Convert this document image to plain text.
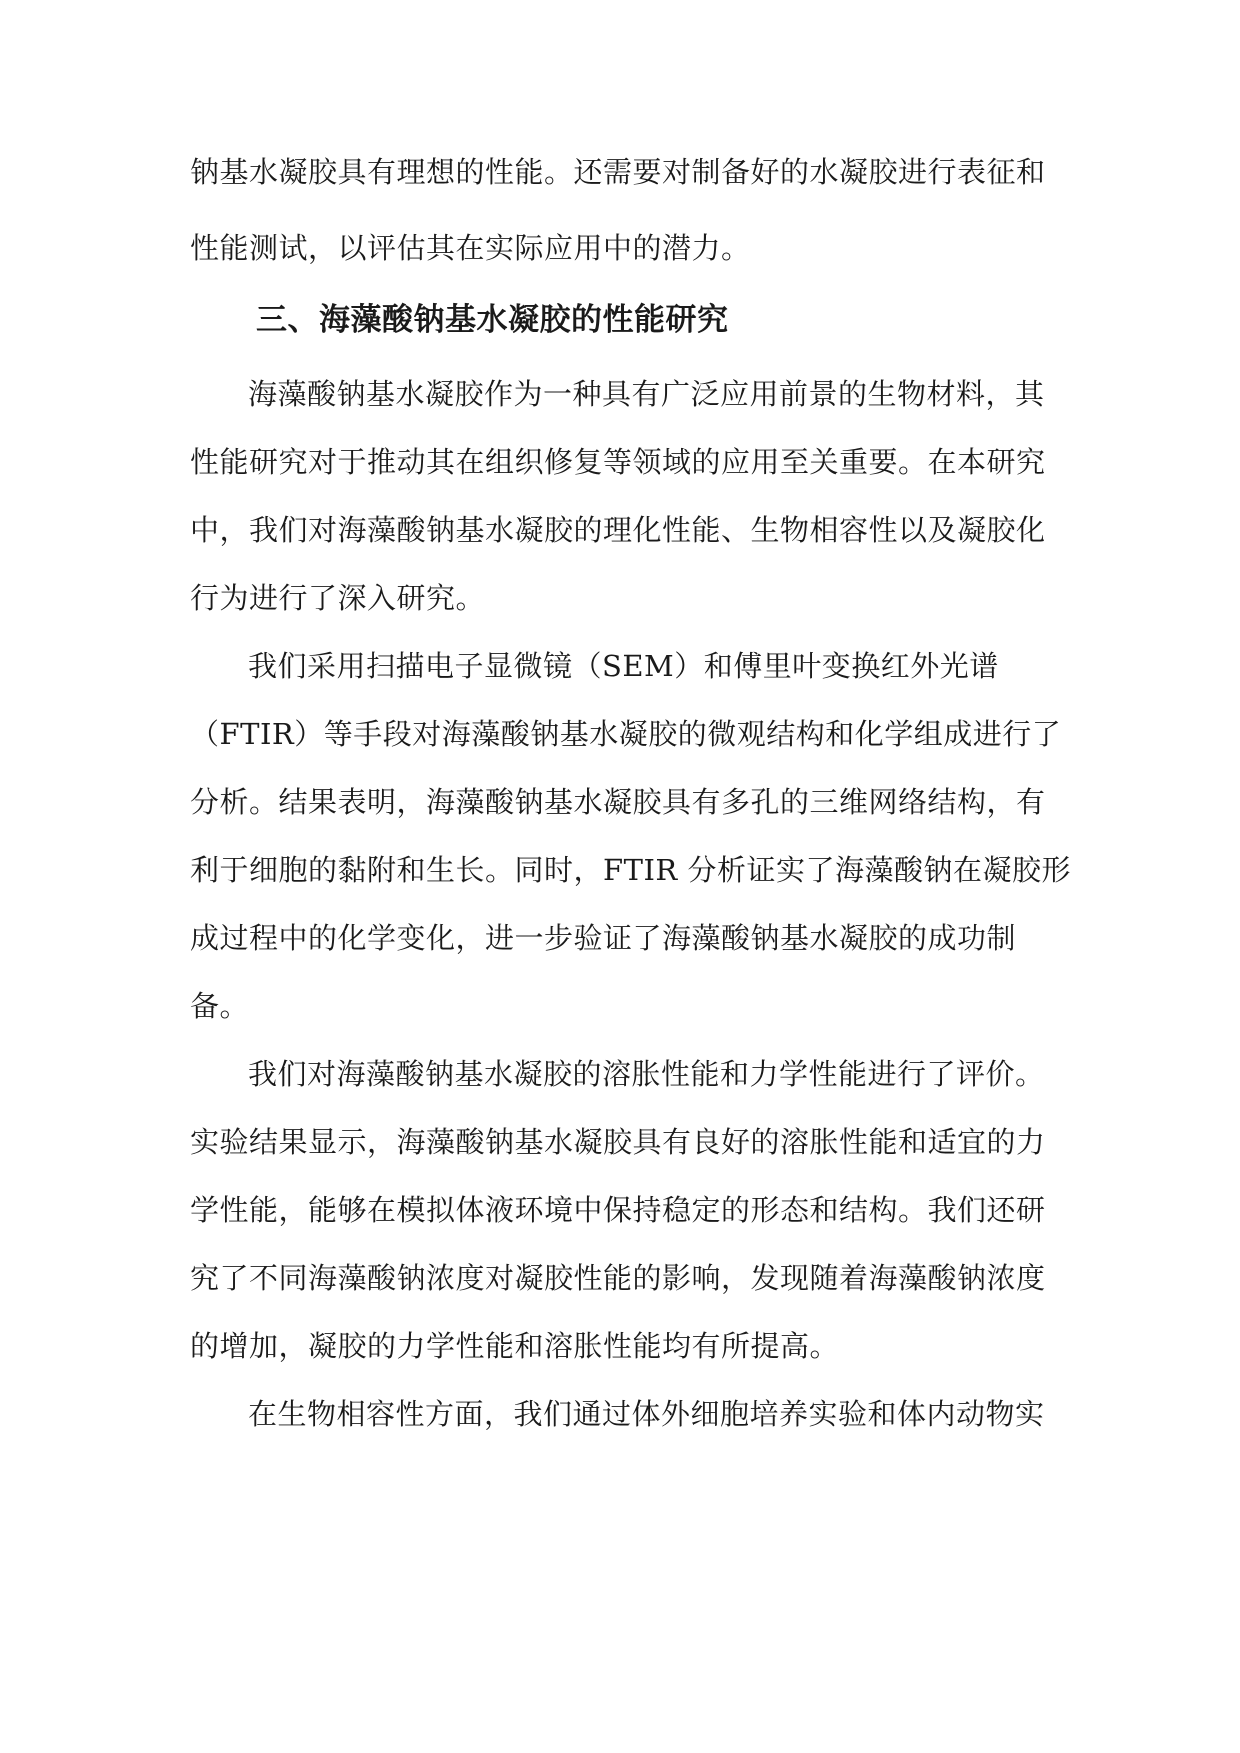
钠基水凝胶具有理想的性能。还需要对制备好的水凝胶进行表征和
性能测试，以评估其在实际应用中的潜力。
三、海藻酸钠基水凝胶的性能研究
海藻酸钠基水凝胶作为一种具有广泛应用前景的生物材料，其
性能研究对于推动其在组织修复等领域的应用至关重要。在本研究
中，我们对海藻酸钠基水凝胶的理化性能、生物相容性以及凝胶化
行为进行了深入研究。
我们采用扫描电子显微镜（SEM）和傅里叶变换红外光谱
（FTIR）等手段对海藻酸钠基水凝胶的微观结构和化学组成进行了
分析。结果表明，海藻酸钠基水凝胶具有多孔的三维网络结构，有
利于细胞的黏附和生长。同时，FTIR 分析证实了海藻酸钠在凝胶形
成过程中的化学变化，进一步验证了海藻酸钠基水凝胶的成功制
备。
我们对海藻酸钠基水凝胶的溶胀性能和力学性能进行了评价。
实验结果显示，海藻酸钠基水凝胶具有良好的溶胀性能和适宜的力
学性能，能够在模拟体液环境中保持稳定的形态和结构。我们还研
究了不同海藻酸钠浓度对凝胶性能的影响，发现随着海藻酸钠浓度
的增加，凝胶的力学性能和溶胀性能均有所提高。
在生物相容性方面，我们通过体外细胞培养实验和体内动物实
